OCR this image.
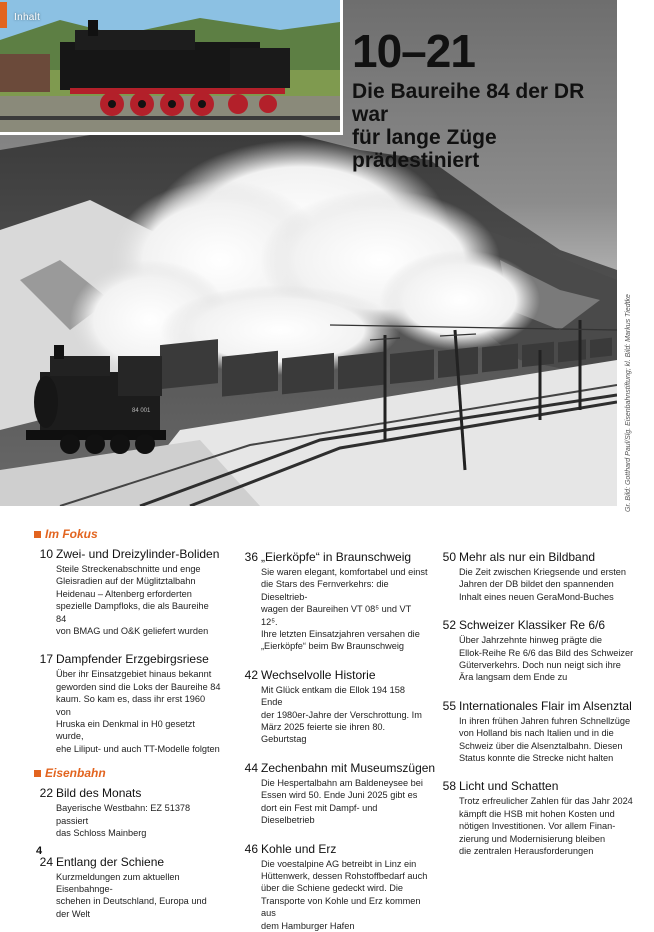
84 001
Inhalt
10–21
Die Baureihe 84 der DR war
für lange Züge prädestiniert
Gr. Bild: Gotthard Paul/Slg. Eisenbahnstiftung; kl. Bild: Markus Tiedtke
Im Fokus
10 Zwei- und Dreizylinder-Boliden
Steile Streckenabschnitte und enge
Gleisradien auf der Müglitztalbahn
Heidenau – Altenberg erforderten
spezielle Dampfloks, die als Baureihe 84
von BMAG und O&K geliefert wurden
17 Dampfender Erzgebirgsriese
Über ihr Einsatzgebiet hinaus bekannt
geworden sind die Loks der Baureihe 84
kaum. So kam es, dass ihr erst 1960 von
Hruska ein Denkmal in H0 gesetzt wurde,
ehe Liliput- und auch TT-Modelle folgten
Eisenbahn
22 Bild des Monats
Bayerische Westbahn: EZ 51378 passiert
das Schloss Mainberg
24 Entlang der Schiene
Kurzmeldungen zum aktuellen Eisenbahnge-
schehen in Deutschland, Europa und der Welt
36 „Eierköpfe“ in Braunschweig
Sie waren elegant, komfortabel und einst
die Stars des Fernverkehrs: die Dieseltrieb-
wagen der Baureihen VT 08⁵ und VT 12⁵.
Ihre letzten Einsatzjahren versahen die
„Eierköpfe“ beim Bw Braunschweig
42 Wechselvolle Historie
Mit Glück entkam die Ellok 194 158 Ende
der 1980er-Jahre der Verschrottung. Im
März 2025 feierte sie ihren 80. Geburtstag
44 Zechenbahn mit Museumszügen
Die Hespertalbahn am Baldeneysee bei
Essen wird 50. Ende Juni 2025 gibt es
dort ein Fest mit Dampf- und Dieselbetrieb
46 Kohle und Erz
Die voestalpine AG betreibt in Linz ein
Hüttenwerk, dessen Rohstoffbedarf auch
über die Schiene gedeckt wird. Die
Transporte von Kohle und Erz kommen aus
dem Hamburger Hafen
50 Mehr als nur ein Bildband
Die Zeit zwischen Kriegsende und ersten
Jahren der DB bildet den spannenden
Inhalt eines neuen GeraMond-Buches
52 Schweizer Klassiker Re 6/6
Über Jahrzehnte hinweg prägte die
Ellok-Reihe Re 6/6 das Bild des Schweizer
Güterverkehrs. Doch nun neigt sich ihre
Ära langsam dem Ende zu
55 Internationales Flair im Alsenztal
In ihren frühen Jahren fuhren Schnellzüge
von Holland bis nach Italien und in die
Schweiz über die Alsenztalbahn. Diesen
Status konnte die Strecke nicht halten
58 Licht und Schatten
Trotz erfreulicher Zahlen für das Jahr 2024
kämpft die HSB mit hohen Kosten und
nötigen Investitionen. Vor allem Finan-
zierung und Modernisierung bleiben
die zentralen Herausforderungen
4
